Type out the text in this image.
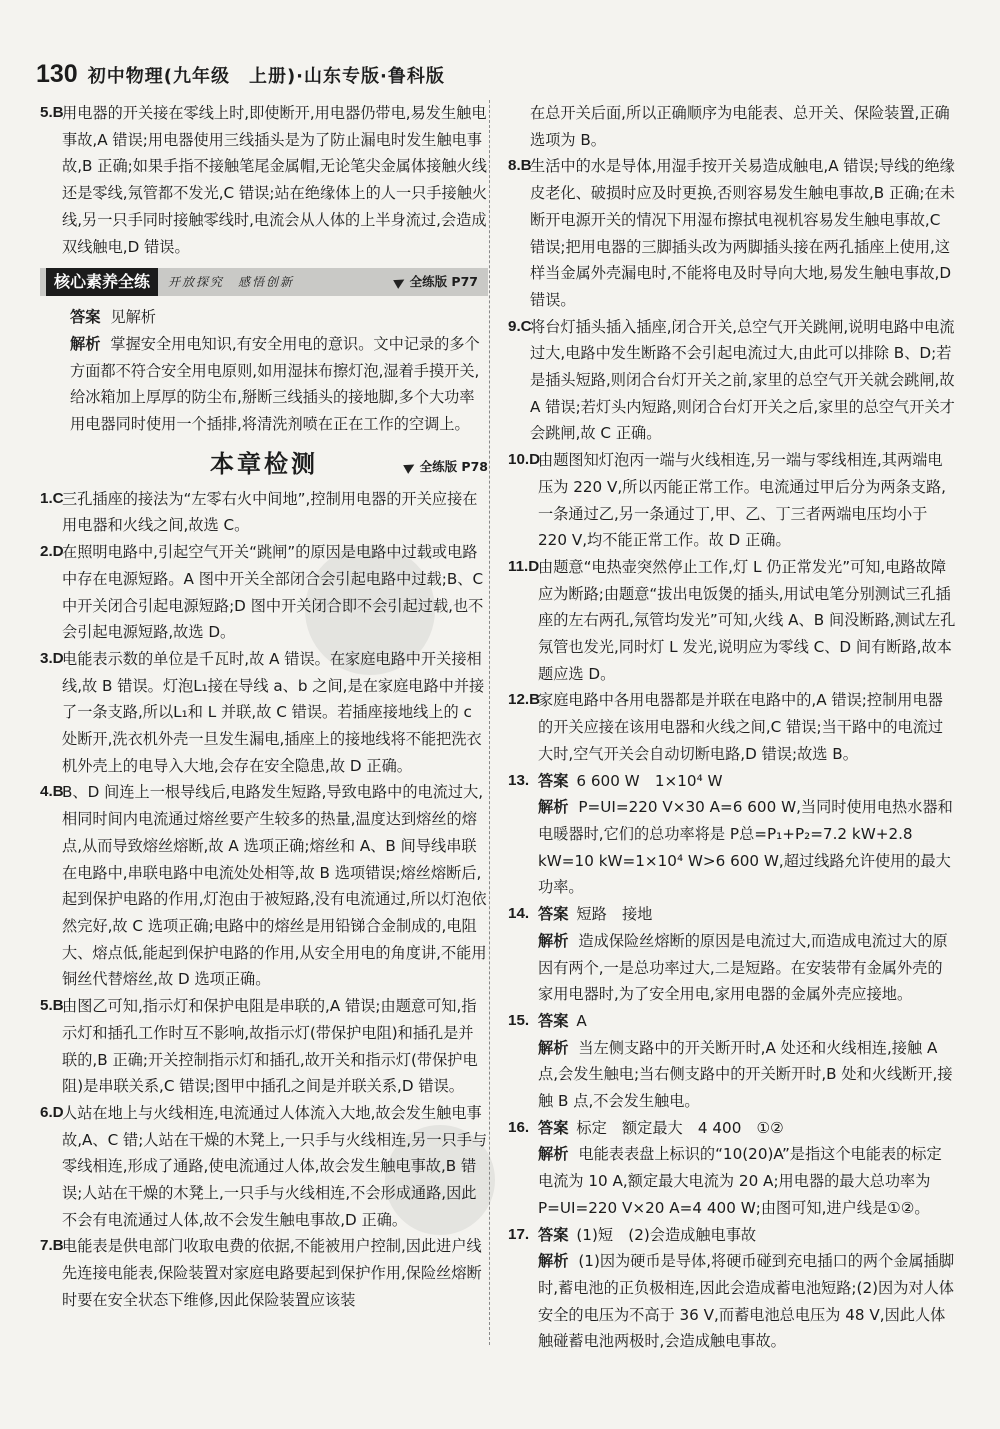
130 初中物理(九年级　上册)·山东专版·鲁科版

5.B
用电器的开关接在零线上时,即使断开,用电器仍带电,易发生触电事故,A 错误;用电器使用三线插头是为了防止漏电时发生触电事故,B 正确;如果手指不接触笔尾金属帽,无论笔尖金属体接触火线还是零线,氖管都不发光,C 错误;站在绝缘体上的人一只手接触火线,另一只手同时接触零线时,电流会从人体的上半身流过,会造成双线触电,D 错误。

核心素养全练	开放探究　感悟创新	全练版 P77

答案 见解析

解析 掌握安全用电知识,有安全用电的意识。文中记录的多个方面都不符合安全用电原则,如用湿抹布擦灯泡,湿着手摸开关,给冰箱加上厚厚的防尘布,掰断三线插头的接地脚,多个大功率用电器同时使用一个插排,将清洗剂喷在正在工作的空调上。

本章检测	全练版 P78

1.C
三孔插座的接法为“左零右火中间地”,控制用电器的开关应接在用电器和火线之间,故选 C。

2.D
在照明电路中,引起空气开关“跳闸”的原因是电路中过载或电路中存在电源短路。A 图中开关全部闭合会引起电路中过载;B、C 中开关闭合引起电源短路;D 图中开关闭合即不会引起过载,也不会引起电源短路,故选 D。

3.D
电能表示数的单位是千瓦时,故 A 错误。在家庭电路中开关接相线,故 B 错误。灯泡L₁接在导线 a、b 之间,是在家庭电路中并接了一条支路,所以L₁和 L 并联,故 C 错误。若插座接地线上的 c 处断开,洗衣机外壳一旦发生漏电,插座上的接地线将不能把洗衣机外壳上的电导入大地,会存在安全隐患,故 D 正确。

4.B
B、D 间连上一根导线后,电路发生短路,导致电路中的电流过大,相同时间内电流通过熔丝要产生较多的热量,温度达到熔丝的熔点,从而导致熔丝熔断,故 A 选项正确;熔丝和 A、B 间导线串联在电路中,串联电路中电流处处相等,故 B 选项错误;熔丝熔断后,起到保护电路的作用,灯泡由于被短路,没有电流通过,所以灯泡依然完好,故 C 选项正确;电路中的熔丝是用铅锑合金制成的,电阻大、熔点低,能起到保护电路的作用,从安全用电的角度讲,不能用铜丝代替熔丝,故 D 选项正确。

5.B
由图乙可知,指示灯和保护电阻是串联的,A 错误;由题意可知,指示灯和插孔工作时互不影响,故指示灯(带保护电阻)和插孔是并联的,B 正确;开关控制指示灯和插孔,故开关和指示灯(带保护电阻)是串联关系,C 错误;图甲中插孔之间是并联关系,D 错误。

6.D
人站在地上与火线相连,电流通过人体流入大地,故会发生触电事故,A、C 错;人站在干燥的木凳上,一只手与火线相连,另一只手与零线相连,形成了通路,使电流通过人体,故会发生触电事故,B 错误;人站在干燥的木凳上,一只手与火线相连,不会形成通路,因此不会有电流通过人体,故不会发生触电事故,D 正确。

7.B
电能表是供电部门收取电费的依据,不能被用户控制,因此进户线先连接电能表,保险装置对家庭电路要起到保护作用,保险丝熔断时要在安全状态下维修,因此保险装置应该装

在总开关后面,所以正确顺序为电能表、总开关、保险装置,正确选项为 B。

8.B
生活中的水是导体,用湿手按开关易造成触电,A 错误;导线的绝缘皮老化、破损时应及时更换,否则容易发生触电事故,B 正确;在未断开电源开关的情况下用湿布擦拭电视机容易发生触电事故,C 错误;把用电器的三脚插头改为两脚插头接在两孔插座上使用,这样当金属外壳漏电时,不能将电及时导向大地,易发生触电事故,D 错误。

9.C
将台灯插头插入插座,闭合开关,总空气开关跳闸,说明电路中电流过大,电路中发生断路不会引起电流过大,由此可以排除 B、D;若是插头短路,则闭合台灯开关之前,家里的总空气开关就会跳闸,故 A 错误;若灯头内短路,则闭合台灯开关之后,家里的总空气开关才会跳闸,故 C 正确。

10.D
由题图知灯泡丙一端与火线相连,另一端与零线相连,其两端电压为 220 V,所以丙能正常工作。电流通过甲后分为两条支路,一条通过乙,另一条通过丁,甲、乙、丁三者两端电压均小于 220 V,均不能正常工作。故 D 正确。

11.D
由题意“电热壶突然停止工作,灯 L 仍正常发光”可知,电路故障应为断路;由题意“拔出电饭煲的插头,用试电笔分别测试三孔插座的左右两孔,氖管均发光”可知,火线 A、B 间没断路,测试左孔氖管也发光,同时灯 L 发光,说明应为零线 C、D 间有断路,故本题应选 D。

12.B
家庭电路中各用电器都是并联在电路中的,A 错误;控制用电器的开关应接在该用电器和火线之间,C 错误;当干路中的电流过大时,空气开关会自动切断电路,D 错误;故选 B。

13. 答案 6 600 W　1×10⁴ W

解析 P=UI=220 V×30 A=6 600 W,当同时使用电热水器和电暖器时,它们的总功率将是 P总=P₁+P₂=7.2 kW+2.8 kW=10 kW=1×10⁴ W>6 600 W,超过线路允许使用的最大功率。

14. 答案 短路　接地

解析 造成保险丝熔断的原因是电流过大,而造成电流过大的原因有两个,一是总功率过大,二是短路。在安装带有金属外壳的家用电器时,为了安全用电,家用电器的金属外壳应接地。

15. 答案 A

解析 当左侧支路中的开关断开时,A 处还和火线相连,接触 A 点,会发生触电;当右侧支路中的开关断开时,B 处和火线断开,接触 B 点,不会发生触电。

16. 答案 标定　额定最大　4 400　①②

解析 电能表表盘上标识的“10(20)A”是指这个电能表的标定电流为 10 A,额定最大电流为 20 A;用电器的最大总功率为 P=UI=220 V×20 A=4 400 W;由图可知,进户线是①②。

17. 答案 (1)短　(2)会造成触电事故

解析 (1)因为硬币是导体,将硬币碰到充电插口的两个金属插脚时,蓄电池的正负极相连,因此会造成蓄电池短路;(2)因为对人体安全的电压为不高于 36 V,而蓄电池总电压为 48 V,因此人体触碰蓄电池两极时,会造成触电事故。
